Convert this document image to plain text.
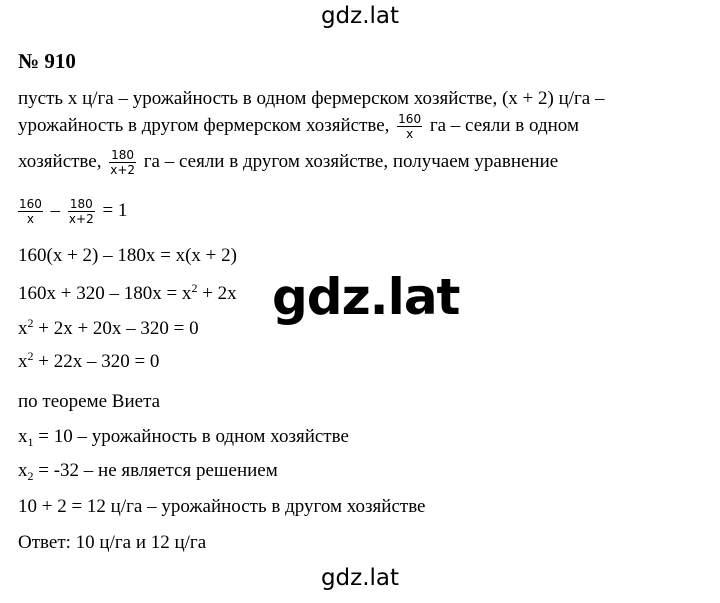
gdz.lat
№ 910
пусть x ц/га – урожайность в одном фермерском хозяйстве, (x + 2) ц/га –
урожайность в другом фермерском хозяйстве, $\frac{160}{x}$ га – сеяли в одном
хозяйстве, $\frac{180}{x+2}$ га – сеяли в другом хозяйстве, получаем уравнение
$\frac{160}{x} - \frac{180}{x+2} = 1$
160(x + 2) – 180x = x(x + 2)
$160x + 320 - 180x = x^2 + 2x$
$x^2 + 2x + 20x - 320 = 0$
$x^2 + 22x - 320 = 0$
по теореме Виета
$x_1 = 10$ – урожайность в одном хозяйстве
$x_2 = -32$ – не является решением
10 + 2 = 12 ц/га – урожайность в другом хозяйстве
Ответ: 10 ц/га и 12 ц/га
gdz.lat
gdz.lat
